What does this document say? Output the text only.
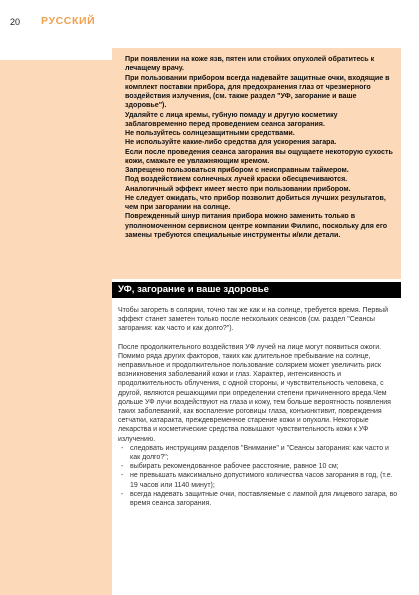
20 РУССКИЙ

При появлении на коже язв, пятен или стойких опухолей обратитесь к лечащему врачу.

При пользовании прибором всегда надевайте защитные очки, входящие в комплект поставки прибора, для предохранения глаз от чрезмерного воздействия излучения, (см. также раздел "УФ, загорание и ваше здоровье").

Удаляйте с лица кремы, губную помаду и другую косметику заблаговременно перед проведением сеанса загорания.

Не пользуйтесь солнцезащитными средствами.

Не используйте какие-либо средства для ускорения загара.

Если после проведения сеанса загорания вы ощущаете некоторую сухость кожи, смажьте ее увлажняющим кремом.

Запрещено пользоваться прибором с неисправным таймером.

Под воздействием солнечных лучей краски обесцвечиваются. Аналогичный эффект имеет место при пользовании прибором.

Не следует ожидать, что прибор позволит добиться лучших результатов, чем при загорании на солнце.

Поврежденный шнур питания прибора можно заменить только в уполномоченном сервисном центре компании Филипс, поскольку для его замены требуются специальные инструменты и/или детали.

УФ, загорание и ваше здоровье

Чтобы загореть в солярии, точно так же как и на солнце, требуется время. Первый эффект станет заметен только после нескольких сеансов (см. раздел "Сеансы загорания: как часто и как долго?").

После продолжительного воздействия УФ лучей на лице могут появиться ожоги. Помимо ряда других факторов, таких как длительное пребывание на солнце, неправильное и продолжительное пользование солярием может увеличить риск возникновения заболеваний кожи и глаз. Характер, интенсивность и продолжительность облучения, с одной стороны, и чувствительность человека, с другой, являются решающими при определении степени причиненного вреда.Чем дольше УФ лучи воздействуют на глаза и кожу, тем больше вероятность появления таких заболеваний, как воспаление роговицы глаза, конъюнктивит, повреждения сетчатки, катаракта, преждевременное старение кожи и опухоли. Некоторые лекарства и косметические средства повышают чувствительность кожи к УФ излучению.

- следовать инструкциям разделов "Внимание" и "Сеансы загорания: как часто и как долго?";
- выбирать рекомендованное рабочее расстояние, равное 10 см;
- не превышать максимально допустимого количества часов загорания в год, (т.е. 19 часов или 1140 минут);
- всегда надевать защитные очки, поставляемые с лампой для лицевого загара, во время сеанса загорания.
